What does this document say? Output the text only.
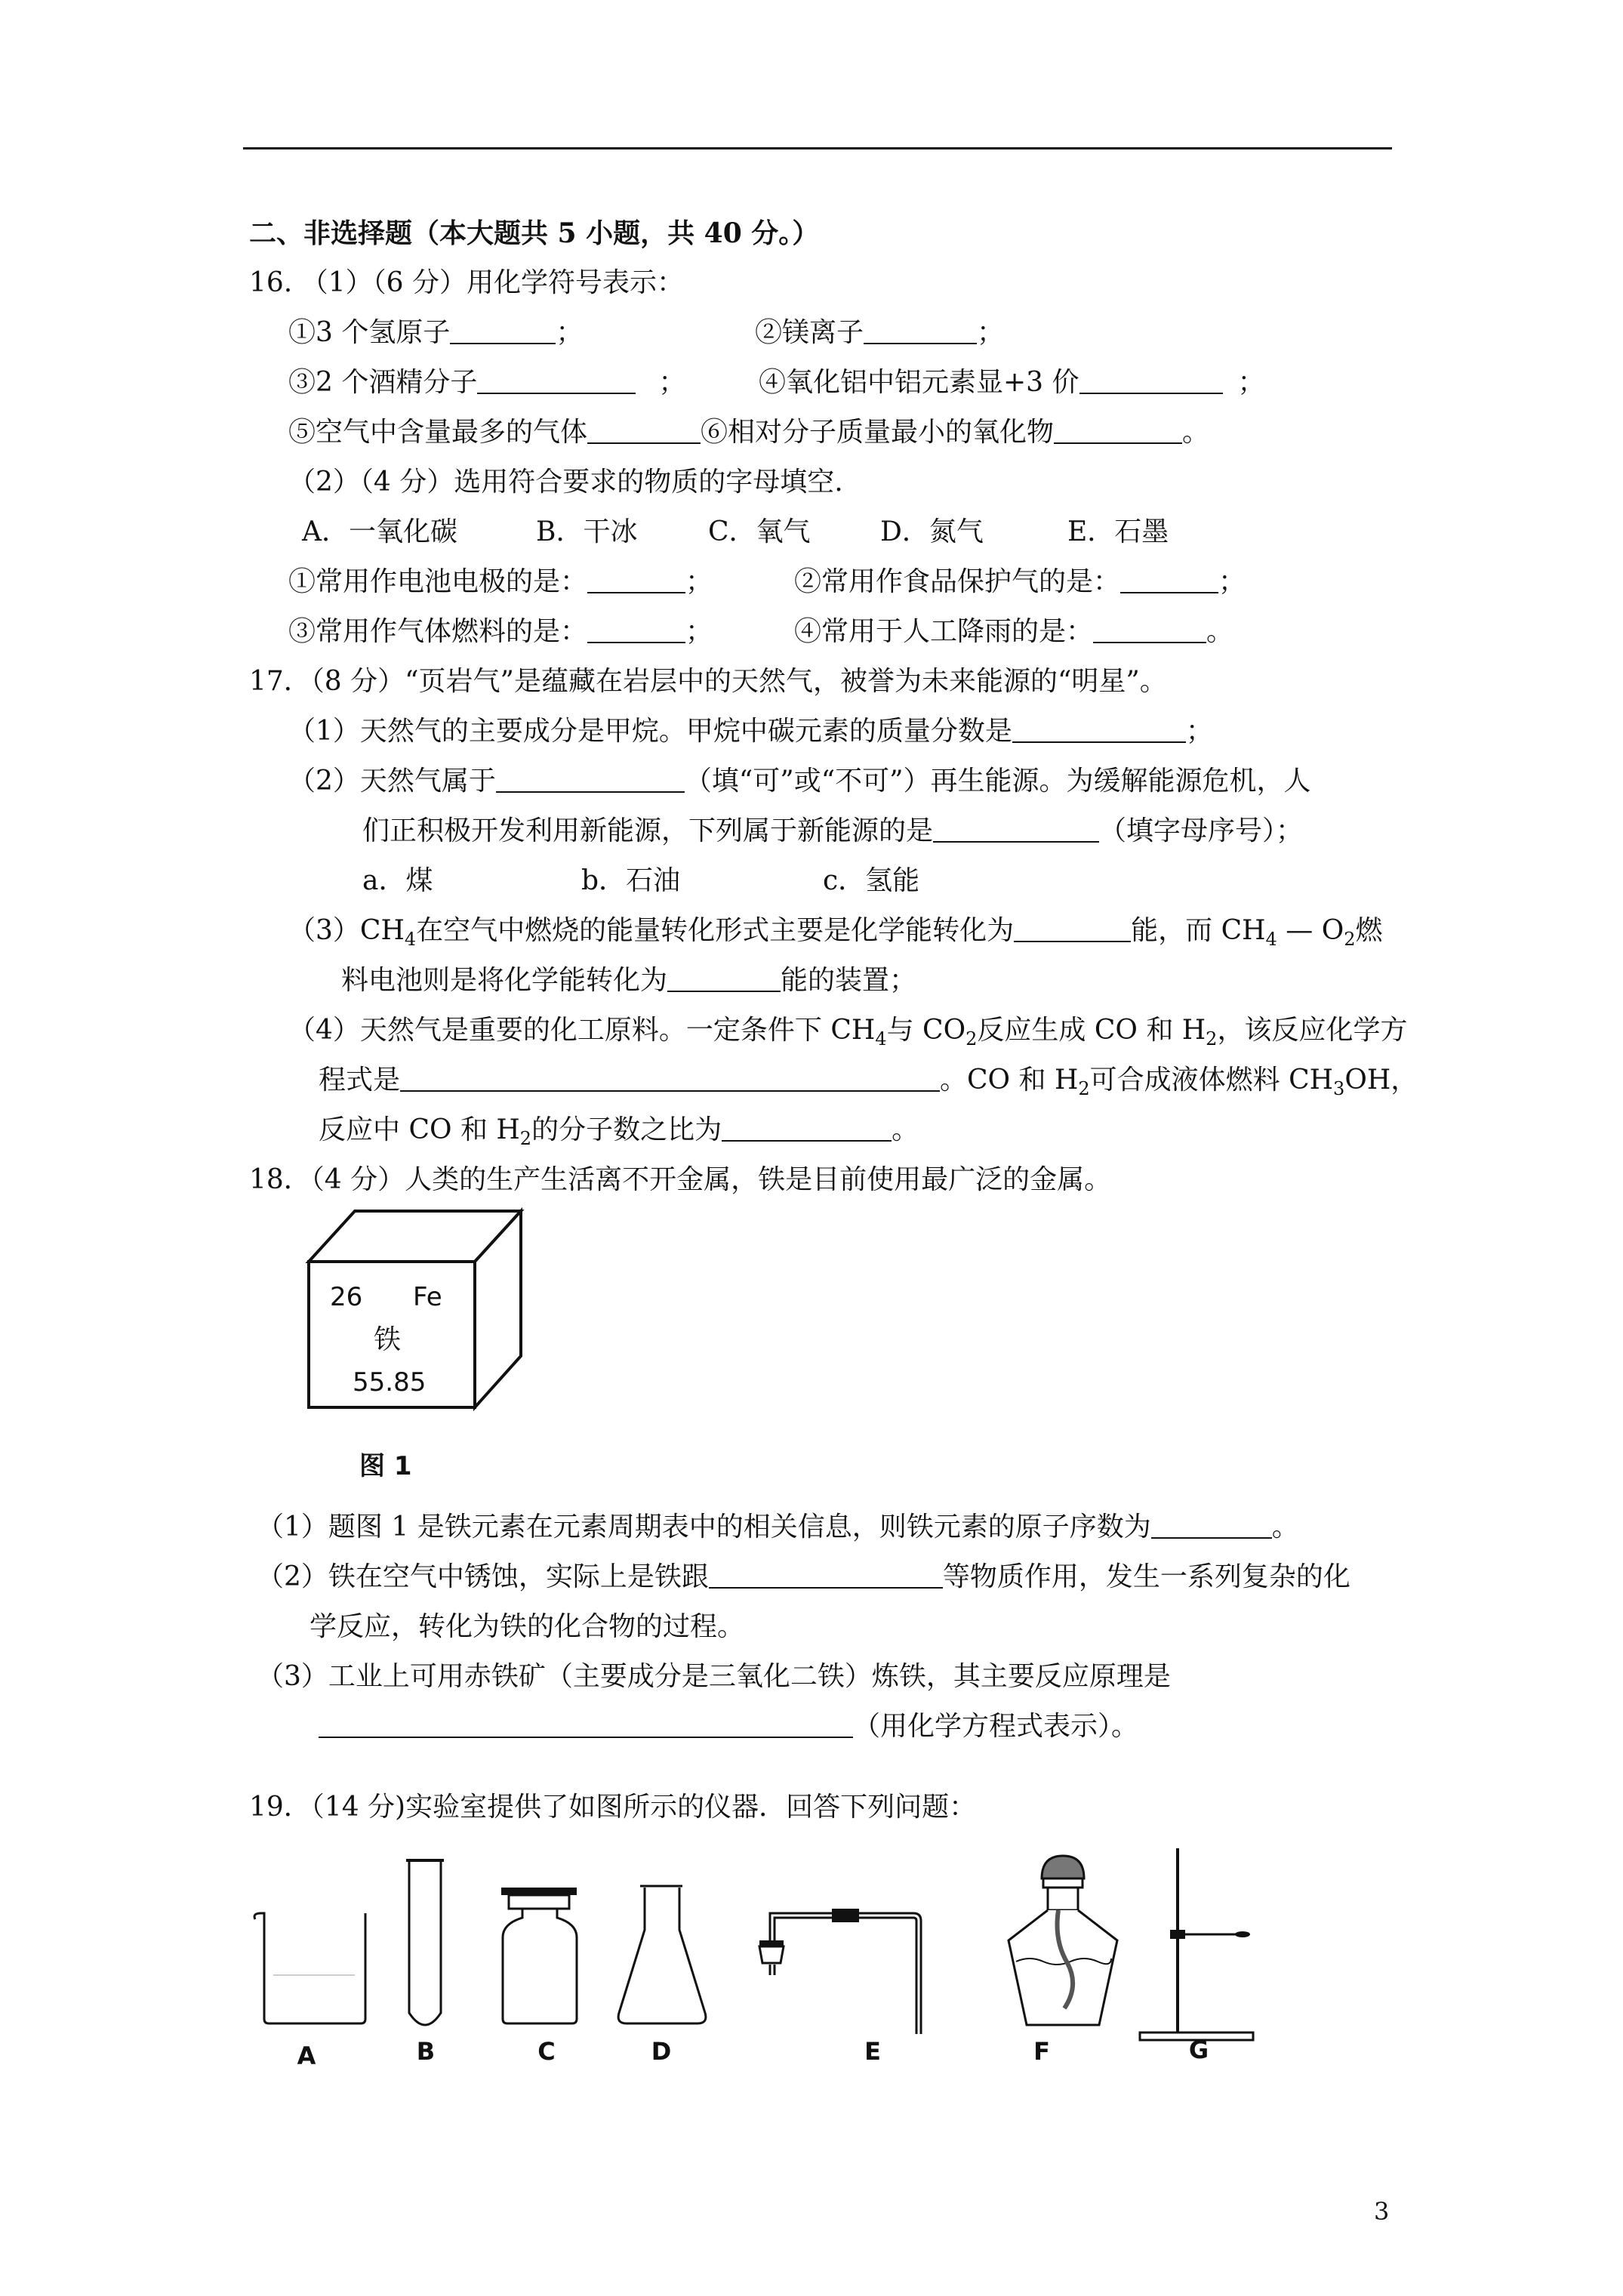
二、非选择题（本大题共 5 小题，共 40 分。）
16. （1）（6 分）用化学符号表示：
①3 个氢原子	；	②镁离子	；
③2 个酒精分子	；	④氧化铝中铝元素显+3 价	；
⑤空气中含量最多的气体	⑥相对分子质量最小的氧化物	。
（2）（4 分）选用符合要求的物质的字母填空.
A．一氧化碳	B．干冰	C．氧气	D．氮气	E．石墨
①常用作电池电极的是：	；	②常用作食品保护气的是：	；
③常用作气体燃料的是：	；	④常用于人工降雨的是：	。
17．（8 分）“页岩气”是蕴藏在岩层中的天然气，被誉为未来能源的“明星”。
（1）天然气的主要成分是甲烷。甲烷中碳元素的质量分数是	；
（2）天然气属于	（填“可”或“不可”）再生能源。为缓解能源危机，人
们正积极开发利用新能源，下列属于新能源的是	（填字母序号）；
a．煤	b．石油	c．氢能
$(3)CH_4$在空气中燃烧的能量转化形式主要是化学能转化为	能，而 $CH_4$ — $O_2$燃
料电池则是将化学能转化为	能的装置；
（4）天然气是重要的化工原料。一定条件下 $CH_4$与 $CO_2$反应生成 CO 和 $H_2$，该反应化学方
程式是	。CO 和 $H_2$可合成液体燃料 $CH_3OH$，
反应中 CO 和 $H_2$的分子数之比为	。
18．（4 分）人类的生产生活离不开金属，铁是目前使用最广泛的金属。
26 Fe
铁
55.85
图 1
（1）题图 1 是铁元素在元素周期表中的相关信息，则铁元素的原子序数为	。
（2）铁在空气中锈蚀，实际上是铁跟	等物质作用，发生一系列复杂的化
学反应，转化为铁的化合物的过程。
（3）工业上可用赤铁矿（主要成分是三氧化二铁）炼铁，其主要反应原理是
（用化学方程式表示）。
19．（14 分)实验室提供了如图所示的仪器．回答下列问题：
A	B	C	D	E	F	G
3
